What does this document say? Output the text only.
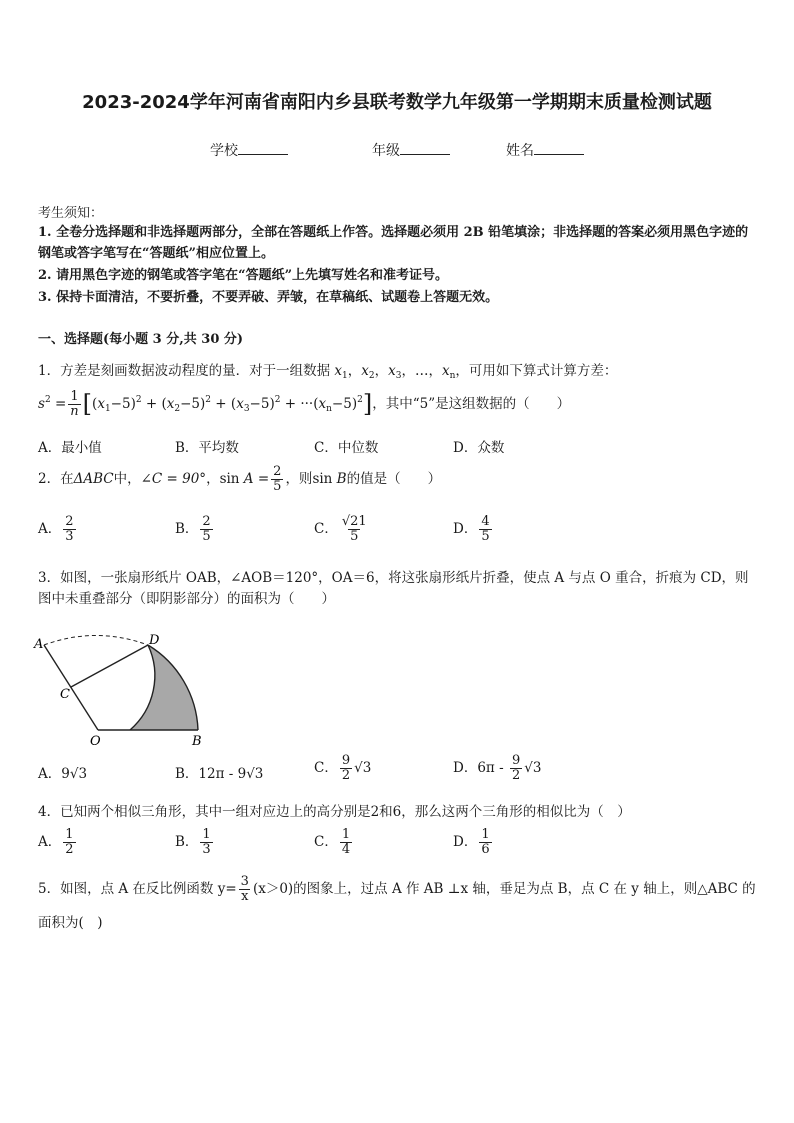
2023-2024学年河南省南阳内乡县联考数学九年级第一学期期末质量检测试题
学校	年级	姓名
考生须知：
1. 全卷分选择题和非选择题两部分，全部在答题纸上作答。选择题必须用 2B 铅笔填涂；非选择题的答案必须用黑色字迹的钢笔或答字笔写在“答题纸”相应位置上。
2. 请用黑色字迹的钢笔或答字笔在“答题纸”上先填写姓名和准考证号。
3. 保持卡面清洁，不要折叠，不要弄破、弄皱，在草稿纸、试题卷上答题无效。
一、选择题(每小题 3 分,共 30 分)
1．方差是刻画数据波动程度的量．对于一组数据 $x_1$，$x_2$，$x_3$，…，$x_n$，可用如下算式计算方差：
$s^2 = \frac{1}{n} [(x_1-5)^2 + (x_2-5)^2 + (x_3-5)^2 + \cdot\cdot\cdot(x_n-5)^2]$，其中“5”是这组数据的（　　）
A．最小值	B．平均数	C．中位数	D．众数
2．在ΔABC中，∠C = 90°，$\sin A = \frac{2}{5}$ ，则sin B的值是（　　）
A． $\frac{2}{3}$	B． $\frac{2}{5}$	C． $\frac{√21}{5}$	D． $\frac{4}{5}$
3．如图，一张扇形纸片 OAB，∠AOB＝120°，OA＝6，将这张扇形纸片折叠，使点 A 与点 O 重合，折痕为 CD，则图中未重叠部分（即阴影部分）的面积为（　　）
A
C
D
O	B
A．9√3	B．12π - 9√3	C． $\frac{9}{2} √3$	D．$6\pi - \frac{9}{2} √3$
4．已知两个相似三角形，其中一组对应边上的高分别是2和6，那么这两个三角形的相似比为（　）
A． $\frac{1}{2}$	B． $\frac{1}{3}$	C． $\frac{1}{4}$	D． $\frac{1}{6}$
5．如图，点 A 在反比例函数 $y= \frac{3}{x} (x>0)$的图象上，过点 A 作 AB ⊥x 轴，垂足为点 B，点 C 在 y 轴上，则△ABC 的面积为(　)
